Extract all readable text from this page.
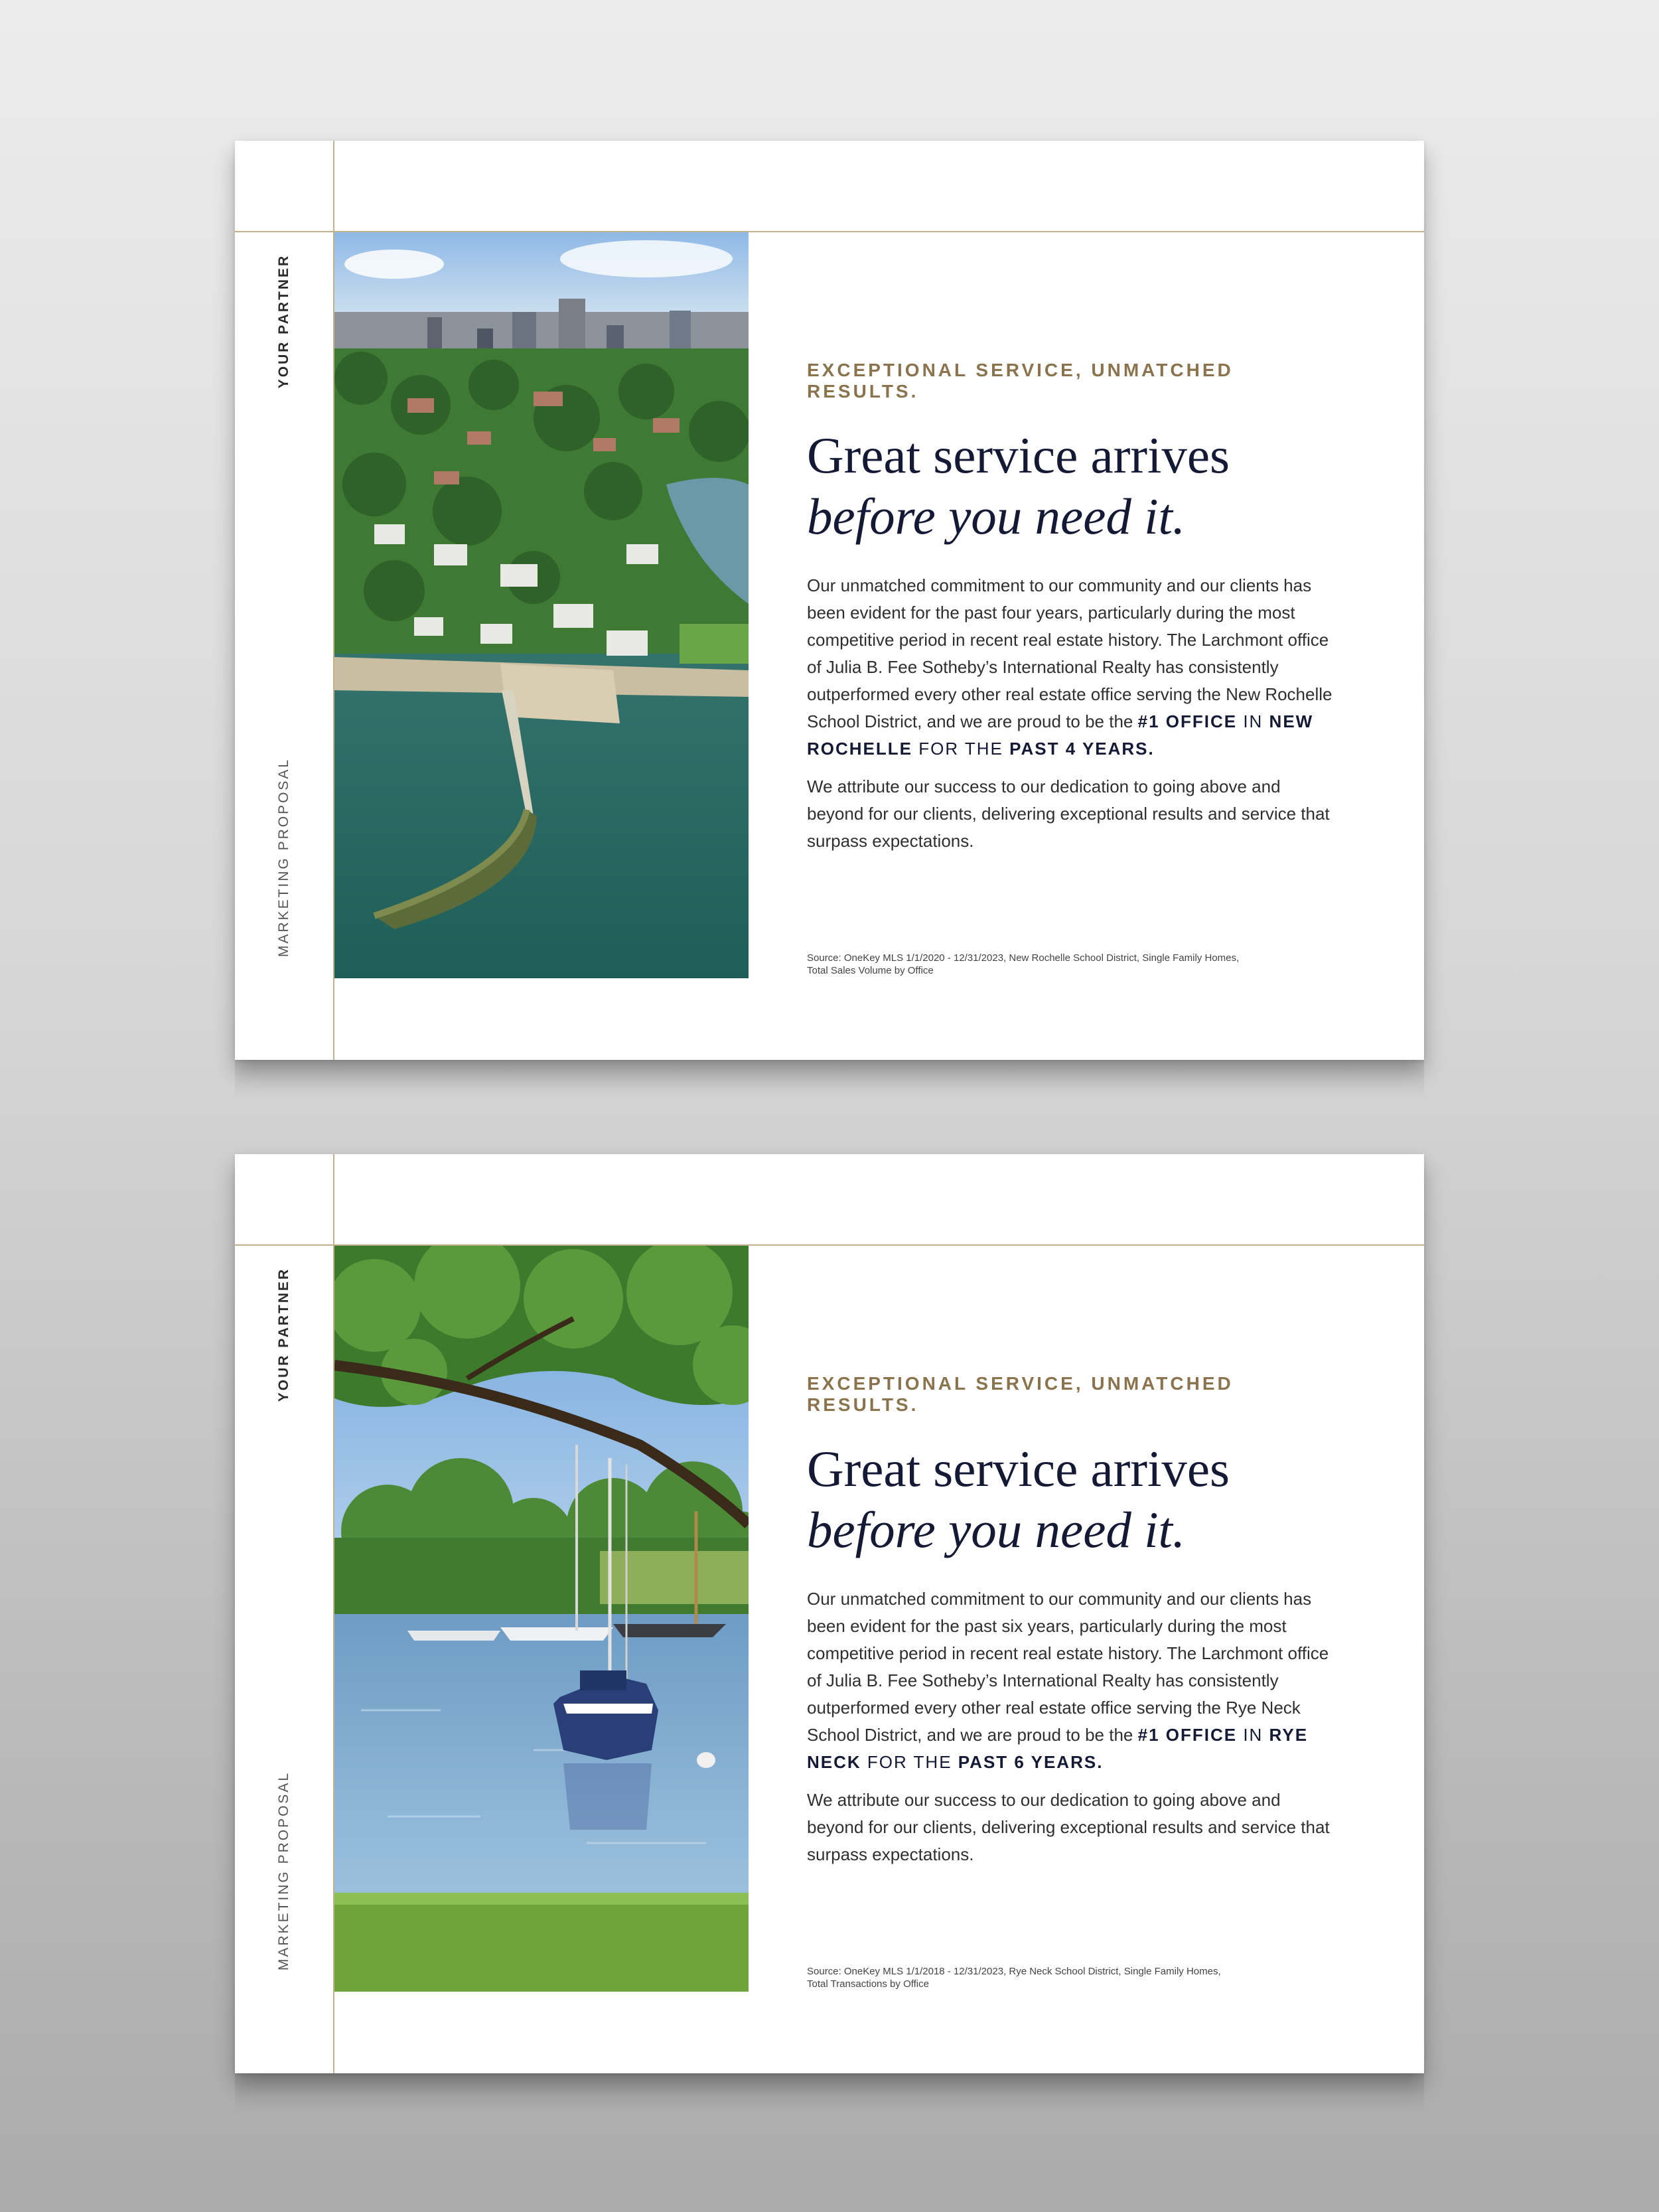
YOUR PARTNER
MARKETING PROPOSAL

EXCEPTIONAL SERVICE, UNMATCHED RESULTS.

Great service arrives
before you need it.

Our unmatched commitment to our community and our clients has been evident for the past four years, particularly during the most competitive period in recent real estate history. The Larchmont office of Julia B. Fee Sotheby’s International Realty has consistently outperformed every other real estate office serving the New Rochelle School District, and we are proud to be the #1 OFFICE IN NEW ROCHELLE FOR THE PAST 4 YEARS.

We attribute our success to our dedication to going above and beyond for our clients, delivering exceptional results and service that surpass expectations.

Source: OneKey MLS 1/1/2020 - 12/31/2023, New Rochelle School District, Single Family Homes,
Total Sales Volume by Office
YOUR PARTNER
MARKETING PROPOSAL

EXCEPTIONAL SERVICE, UNMATCHED RESULTS.

Great service arrives
before you need it.

Our unmatched commitment to our community and our clients has been evident for the past six years, particularly during the most competitive period in recent real estate history. The Larchmont office of Julia B. Fee Sotheby’s International Realty has consistently outperformed every other real estate office serving the Rye Neck School District, and we are proud to be the #1 OFFICE IN RYE NECK FOR THE PAST 6 YEARS.

We attribute our success to our dedication to going above and beyond for our clients, delivering exceptional results and service that surpass expectations.

Source: OneKey MLS 1/1/2018 - 12/31/2023, Rye Neck School District, Single Family Homes,
Total Transactions by Office
